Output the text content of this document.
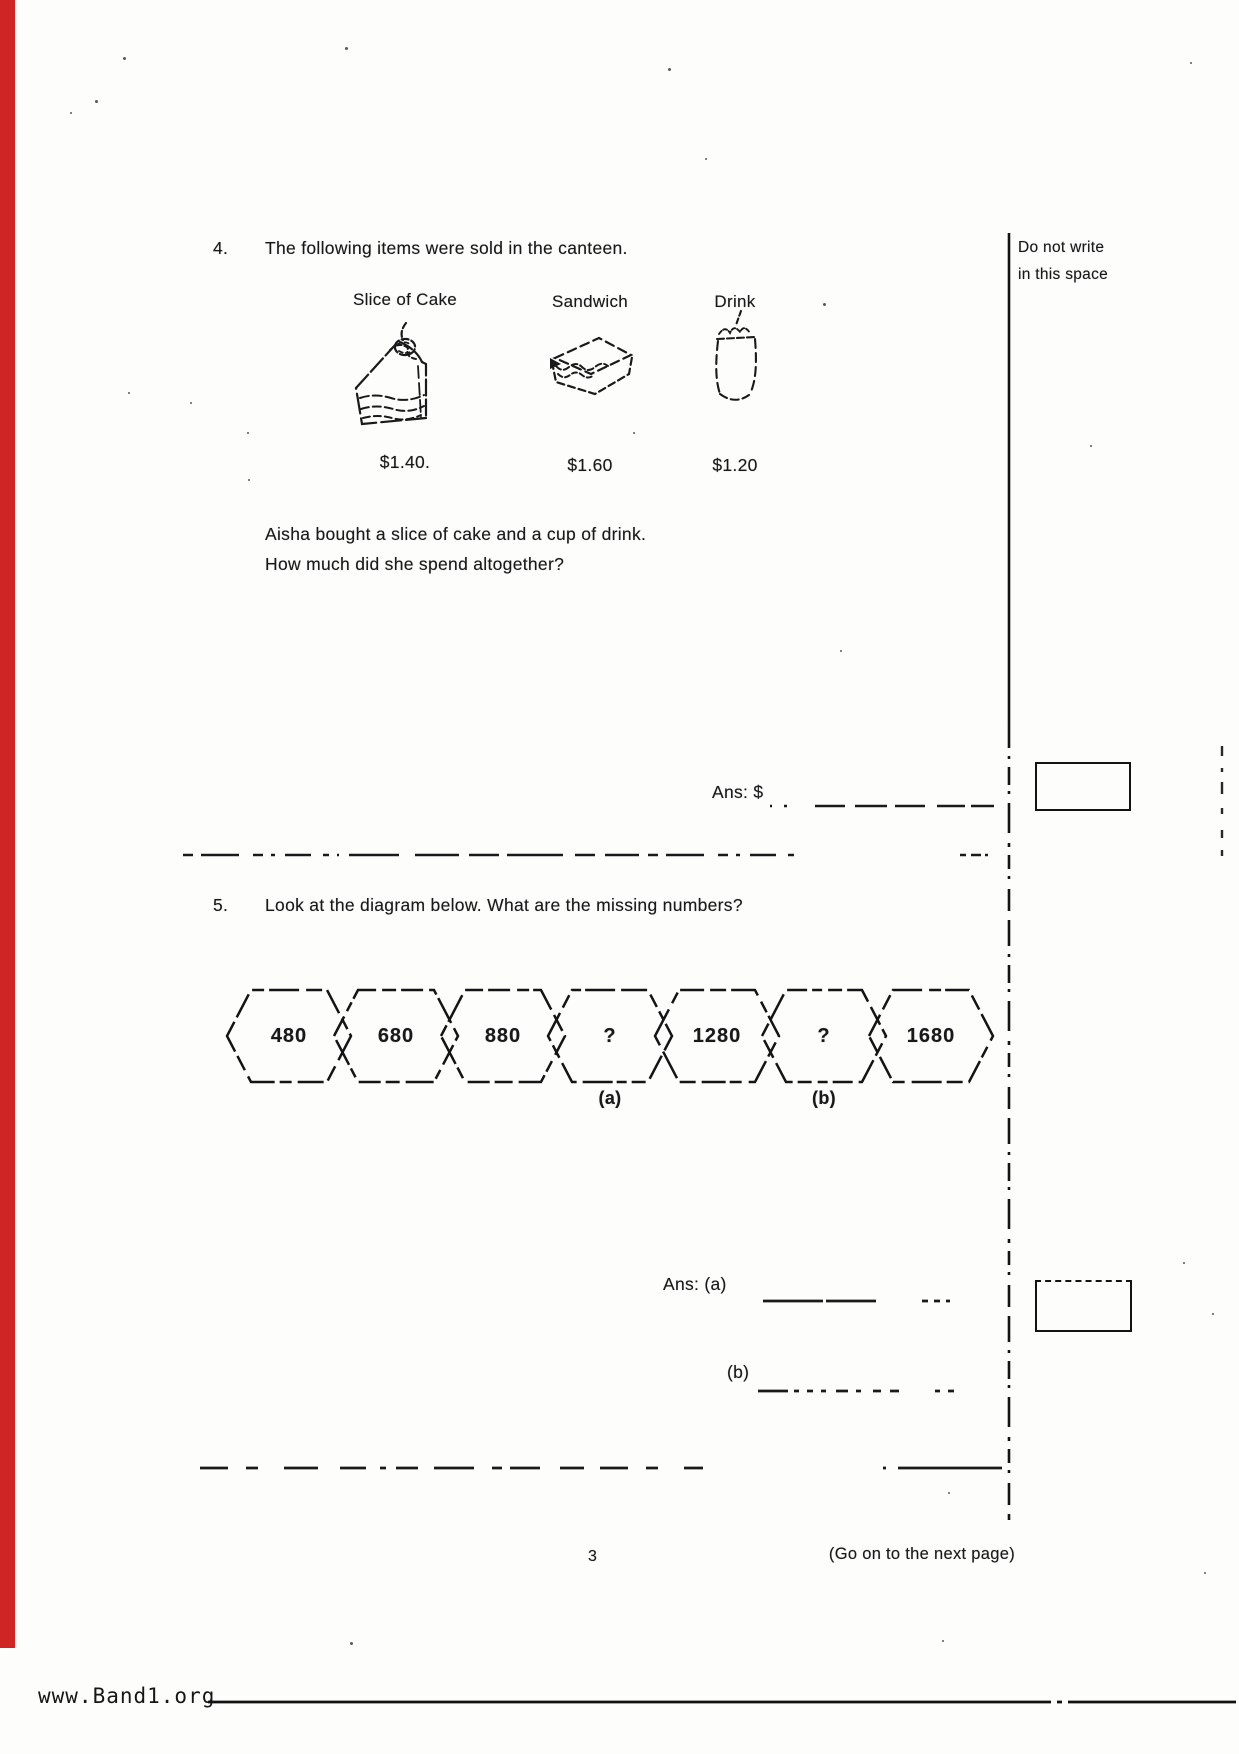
4. The following items were sold in the canteen.
Slice of Cake	Sandwich	Drink
$1.40.	$1.60	$1.20
Aisha bought a slice of cake and a cup of drink.
How much did she spend altogether?
Ans: $
5. Look at the diagram below. What are the missing numbers?
480	680	880	?	1280	?	1680
(a)	(b)
Ans: (a)
(b)
Do not write
in this space
3	(Go on to the next page)
www.Band1.org
